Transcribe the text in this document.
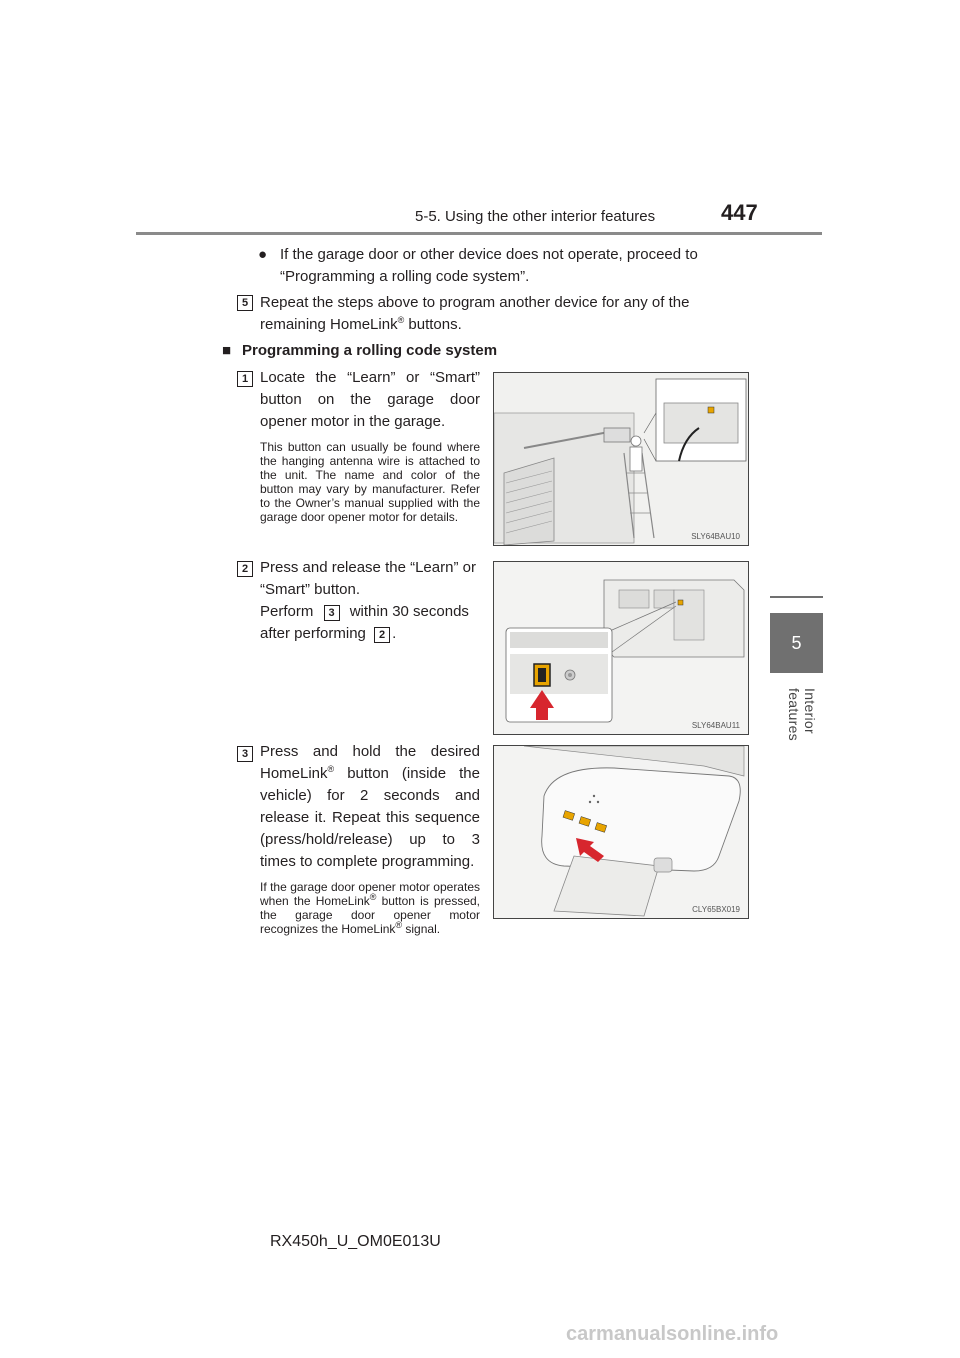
5-5. Using the other interior features	447
5
Interior features
● If the garage door or other device does not operate, proceed to “Programming a rolling code system”.
5 Repeat the steps above to program another device for any of the remaining HomeLink® buttons.
■ Programming a rolling code system
1 Locate the “Learn” or “Smart” button on the garage door opener motor in the garage.
This button can usually be found where the hanging antenna wire is attached to the unit. The name and color of the button may vary by manufacturer. Refer to the Owner’s manual supplied with the garage door opener motor for details.
SLY64BAU10
2 Press and release the “Learn” or “Smart” button.
Perform 3 within 30 seconds after performing 2 .
SLY64BAU11
3 Press and hold the desired HomeLink® button (inside the vehicle) for 2 seconds and release it. Repeat this sequence (press/hold/release) up to 3 times to complete programming.
If the garage door opener motor operates when the HomeLink® button is pressed, the garage door opener motor recognizes the HomeLink® signal.
CLY65BX019
RX450h_U_OM0E013U
carmanualsonline.info
